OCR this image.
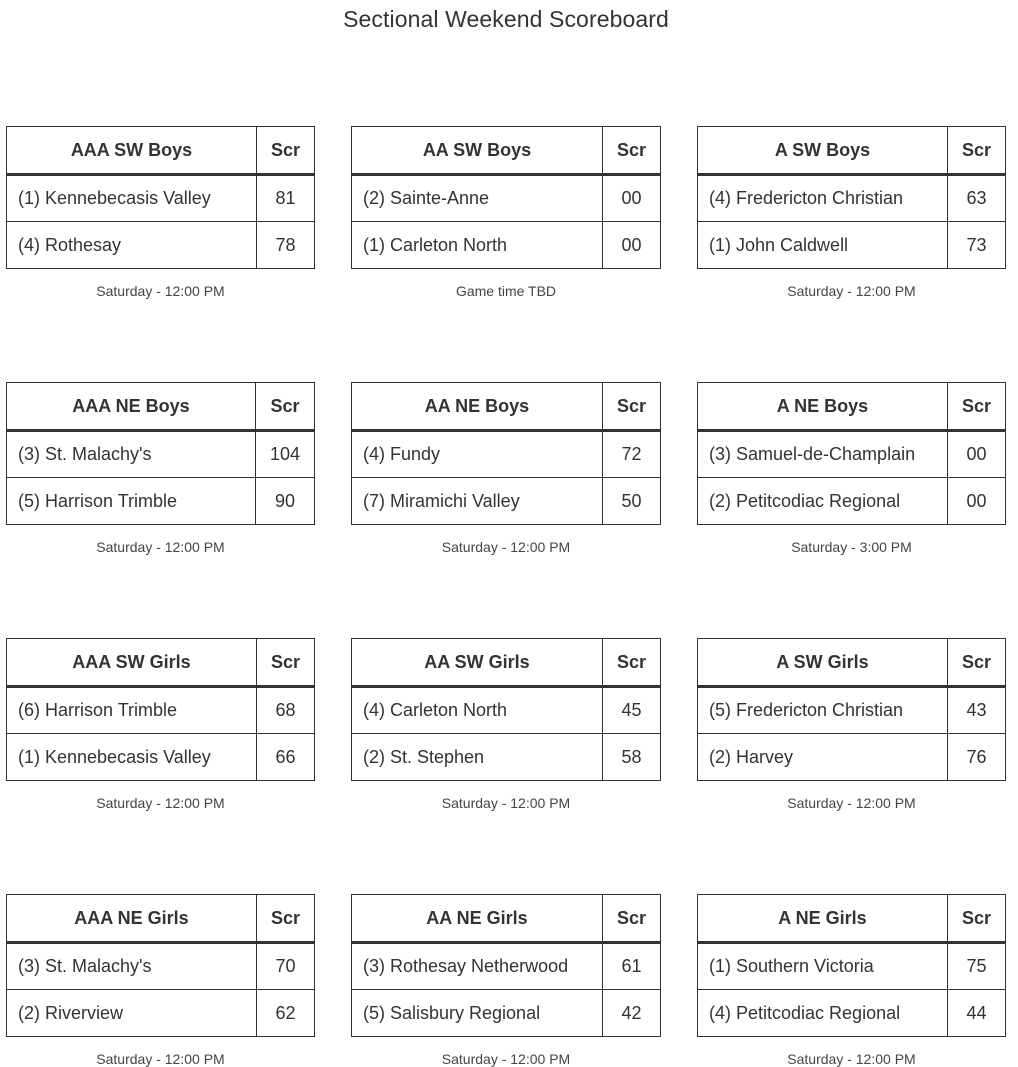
Sectional Weekend Scoreboard
AAA SW Boys	Scr
(1) Kennebecasis Valley	81
(4) Rothesay	78
Saturday - 12:00 PM
AA SW Boys	Scr
(2) Sainte-Anne	00
(1) Carleton North	00
Game time TBD
A SW Boys	Scr
(4) Fredericton Christian	63
(1) John Caldwell	73
Saturday - 12:00 PM
AAA NE Boys	Scr
(3) St. Malachy's	104
(5) Harrison Trimble	90
Saturday - 12:00 PM
AA NE Boys	Scr
(4) Fundy	72
(7) Miramichi Valley	50
Saturday - 12:00 PM
A NE Boys	Scr
(3) Samuel-de-Champlain	00
(2) Petitcodiac Regional	00
Saturday - 3:00 PM
AAA SW Girls	Scr
(6) Harrison Trimble	68
(1) Kennebecasis Valley	66
Saturday - 12:00 PM
AA SW Girls	Scr
(4) Carleton North	45
(2) St. Stephen	58
Saturday - 12:00 PM
A SW Girls	Scr
(5) Fredericton Christian	43
(2) Harvey	76
Saturday - 12:00 PM
AAA NE Girls	Scr
(3) St. Malachy's	70
(2) Riverview	62
Saturday - 12:00 PM
AA NE Girls	Scr
(3) Rothesay Netherwood	61
(5) Salisbury Regional	42
Saturday - 12:00 PM
A NE Girls	Scr
(1) Southern Victoria	75
(4) Petitcodiac Regional	44
Saturday - 12:00 PM
